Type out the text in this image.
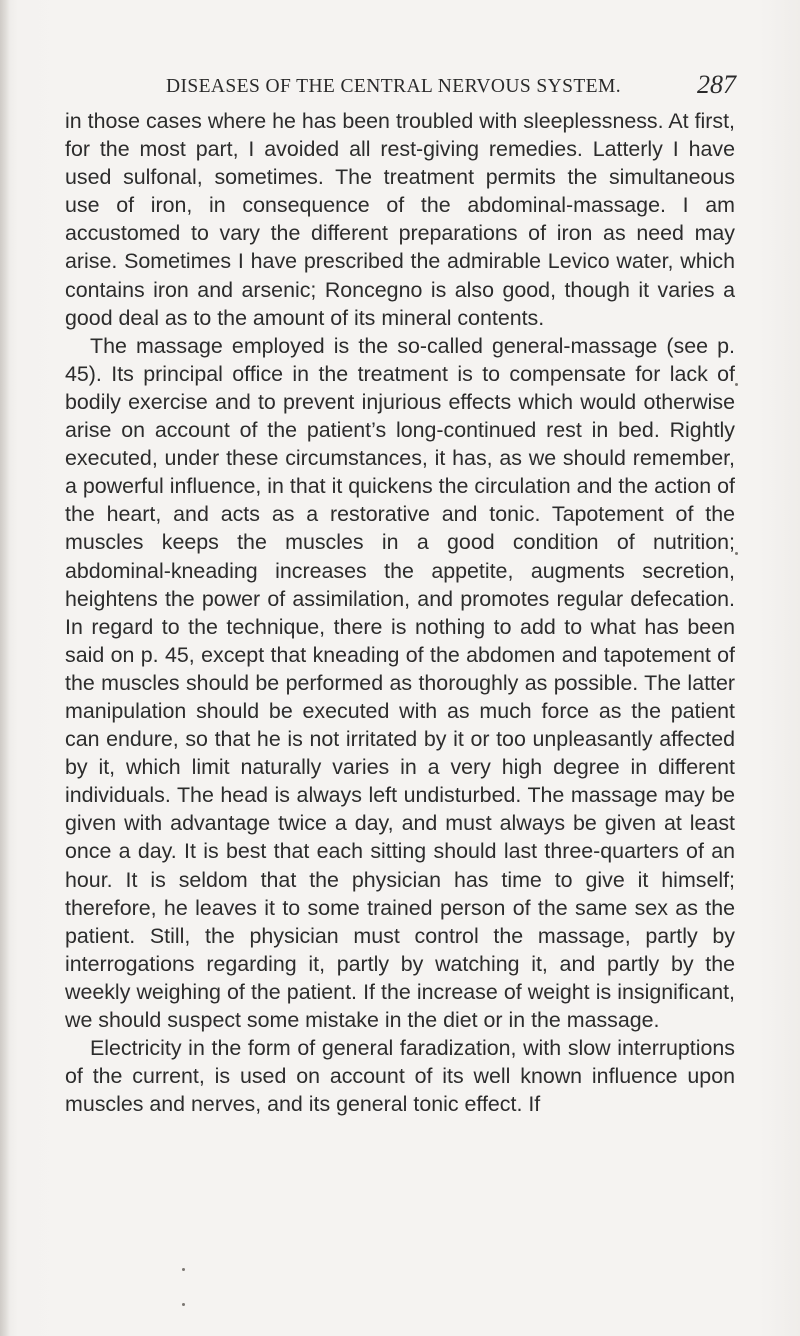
DISEASES OF THE CENTRAL NERVOUS SYSTEM.	287

in those cases where he has been troubled with sleeplessness. At first, for the most part, I avoided all rest-giving remedies. Latterly I have used sulfonal, sometimes. The treatment permits the simultaneous use of iron, in consequence of the abdominal-massage. I am accustomed to vary the different preparations of iron as need may arise. Sometimes I have prescribed the admirable Levico water, which contains iron and arsenic; Roncegno is also good, though it varies a good deal as to the amount of its mineral contents.

The massage employed is the so-called general-massage (see p. 45). Its principal office in the treatment is to compensate for lack of bodily exercise and to prevent injurious effects which would otherwise arise on account of the patient’s long-continued rest in bed. Rightly executed, under these circumstances, it has, as we should remember, a powerful influence, in that it quickens the circulation and the action of the heart, and acts as a restorative and tonic. Tapotement of the muscles keeps the muscles in a good condition of nutrition; abdominal-kneading increases the appetite, augments secretion, heightens the power of assimilation, and promotes regular defecation. In regard to the technique, there is nothing to add to what has been said on p. 45, except that kneading of the abdomen and tapotement of the muscles should be performed as thoroughly as possible. The latter manipulation should be executed with as much force as the patient can endure, so that he is not irritated by it or too unpleasantly affected by it, which limit naturally varies in a very high degree in different individuals. The head is always left undisturbed. The massage may be given with advantage twice a day, and must always be given at least once a day. It is best that each sitting should last three-quarters of an hour. It is seldom that the physician has time to give it himself; therefore, he leaves it to some trained person of the same sex as the patient. Still, the physician must control the massage, partly by interrogations regarding it, partly by watching it, and partly by the weekly weighing of the patient. If the increase of weight is insignificant, we should suspect some mistake in the diet or in the massage.

Electricity in the form of general faradization, with slow interruptions of the current, is used on account of its well known influence upon muscles and nerves, and its general tonic effect. If
